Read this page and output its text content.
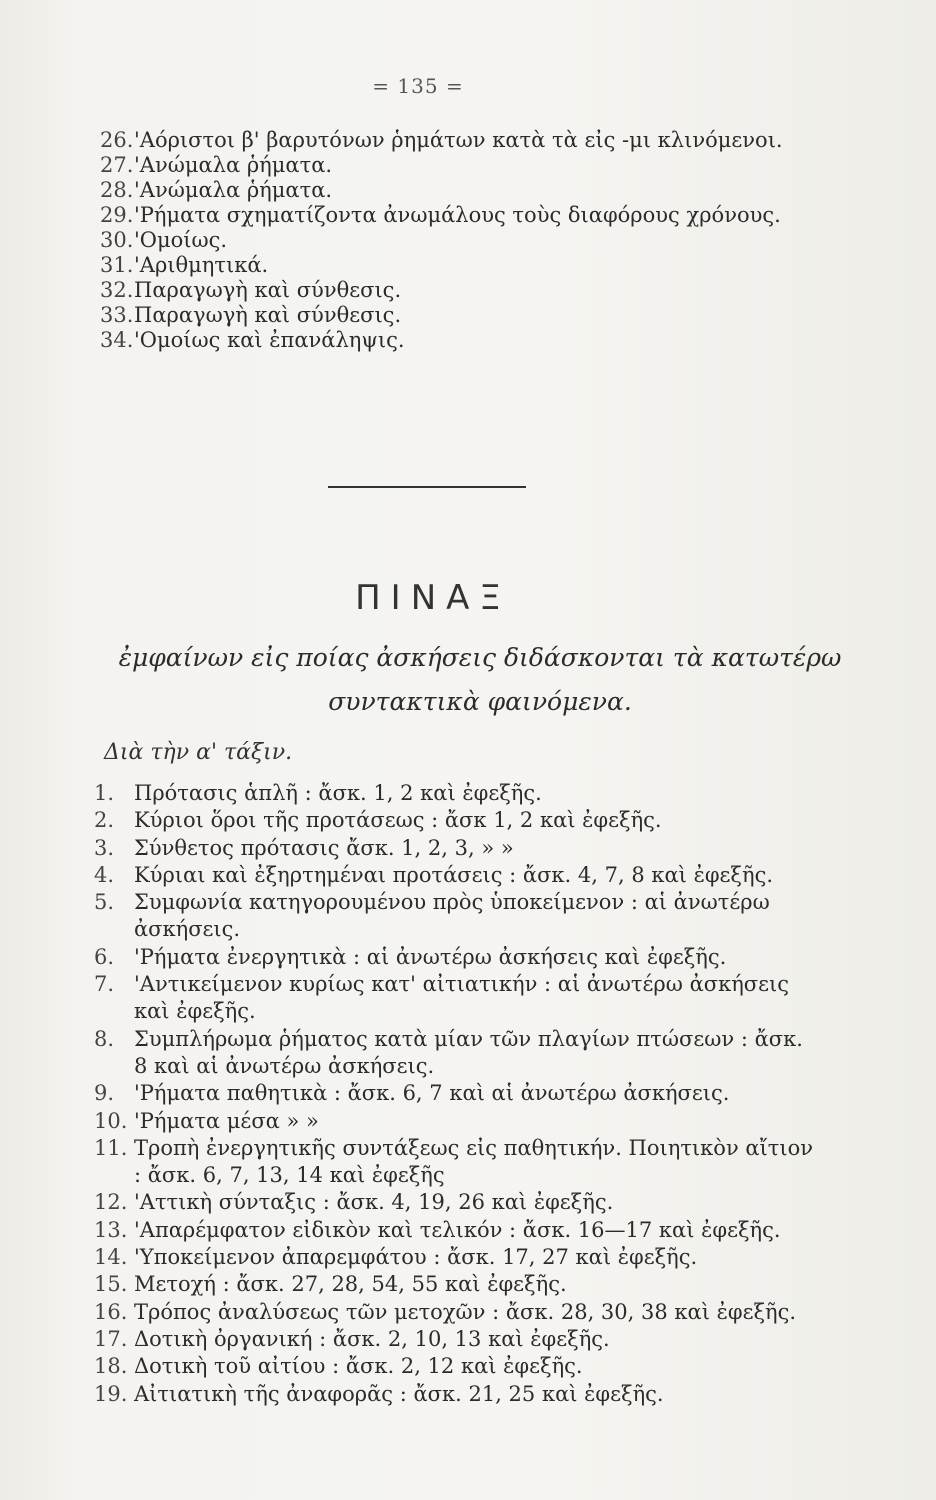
= 135 =
26.'Αόριστοι β' βαρυτόνων ῥημάτων κατὰ τὰ εἰς -μι κλινόμενοι.
27.'Ανώμαλα ῥήματα.
28.'Ανώμαλα ῥήματα.
29.'Ρήματα σχηματίζοντα ἀνωμάλους τοὺς διαφόρους χρόνους.
30.'Ομοίως.
31.'Αριθμητικά.
32.Παραγωγὴ καὶ σύνθεσις.
33.Παραγωγὴ καὶ σύνθεσις.
34.'Ομοίως καὶ ἐπανάληψις.
ΠΙΝΑΞ
ἐμφαίνων εἰς ποίας ἀσκήσεις διδάσκονται τὰ κατωτέρω συντακτικὰ φαινόμενα.
Διὰ τὴν α' τάξιν.
1. Πρότασις ἁπλῆ : ἄσκ. 1, 2 καὶ ἐφεξῆς.
2. Κύριοι ὅροι τῆς προτάσεως : ἄσκ 1, 2 καὶ ἐφεξῆς.
3. Σύνθετος πρότασις ἄσκ. 1, 2, 3, » »
4. Κύριαι καὶ ἐξηρτημέναι προτάσεις : ἄσκ. 4, 7, 8 καὶ ἐφεξῆς.
5. Συμφωνία κατηγορουμένου πρὸς ὑποκείμενον : αἱ ἀνωτέρω ἀσκήσεις.
6. 'Ρήματα ἐνεργητικὰ : αἱ ἀνωτέρω ἀσκήσεις καὶ ἐφεξῆς.
7. 'Αντικείμενον κυρίως κατ' αἰτιατικήν : αἱ ἀνωτέρω ἀσκήσεις καὶ ἐφεξῆς.
8. Συμπλήρωμα ῥήματος κατὰ μίαν τῶν πλαγίων πτώσεων : ἄσκ. 8 καὶ αἱ ἀνωτέρω ἀσκήσεις.
9. 'Ρήματα παθητικὰ : ἄσκ. 6, 7 καὶ αἱ ἀνωτέρω ἀσκήσεις.
10. 'Ρήματα μέσα » »
11. Τροπὴ ἐνεργητικῆς συντάξεως εἰς παθητικήν. Ποιητικὸν αἴτιον : ἄσκ. 6, 7, 13, 14 καὶ ἐφεξῆς
12. 'Αττικὴ σύνταξις : ἄσκ. 4, 19, 26 καὶ ἐφεξῆς.
13. 'Απαρέμφατον εἰδικὸν καὶ τελικόν : ἄσκ. 16—17 καὶ ἐφεξῆς.
14. 'Υποκείμενον ἀπαρεμφάτου : ἄσκ. 17, 27 καὶ ἐφεξῆς.
15. Μετοχή : ἄσκ. 27, 28, 54, 55 καὶ ἐφεξῆς.
16. Τρόπος ἀναλύσεως τῶν μετοχῶν : ἄσκ. 28, 30, 38 καὶ ἐφεξῆς.
17. Δοτικὴ ὀργανική : ἄσκ. 2, 10, 13 καὶ ἐφεξῆς.
18. Δοτικὴ τοῦ αἰτίου : ἄσκ. 2, 12 καὶ ἐφεξῆς.
19. Αἰτιατικὴ τῆς ἀναφορᾶς : ἄσκ. 21, 25 καὶ ἐφεξῆς.
